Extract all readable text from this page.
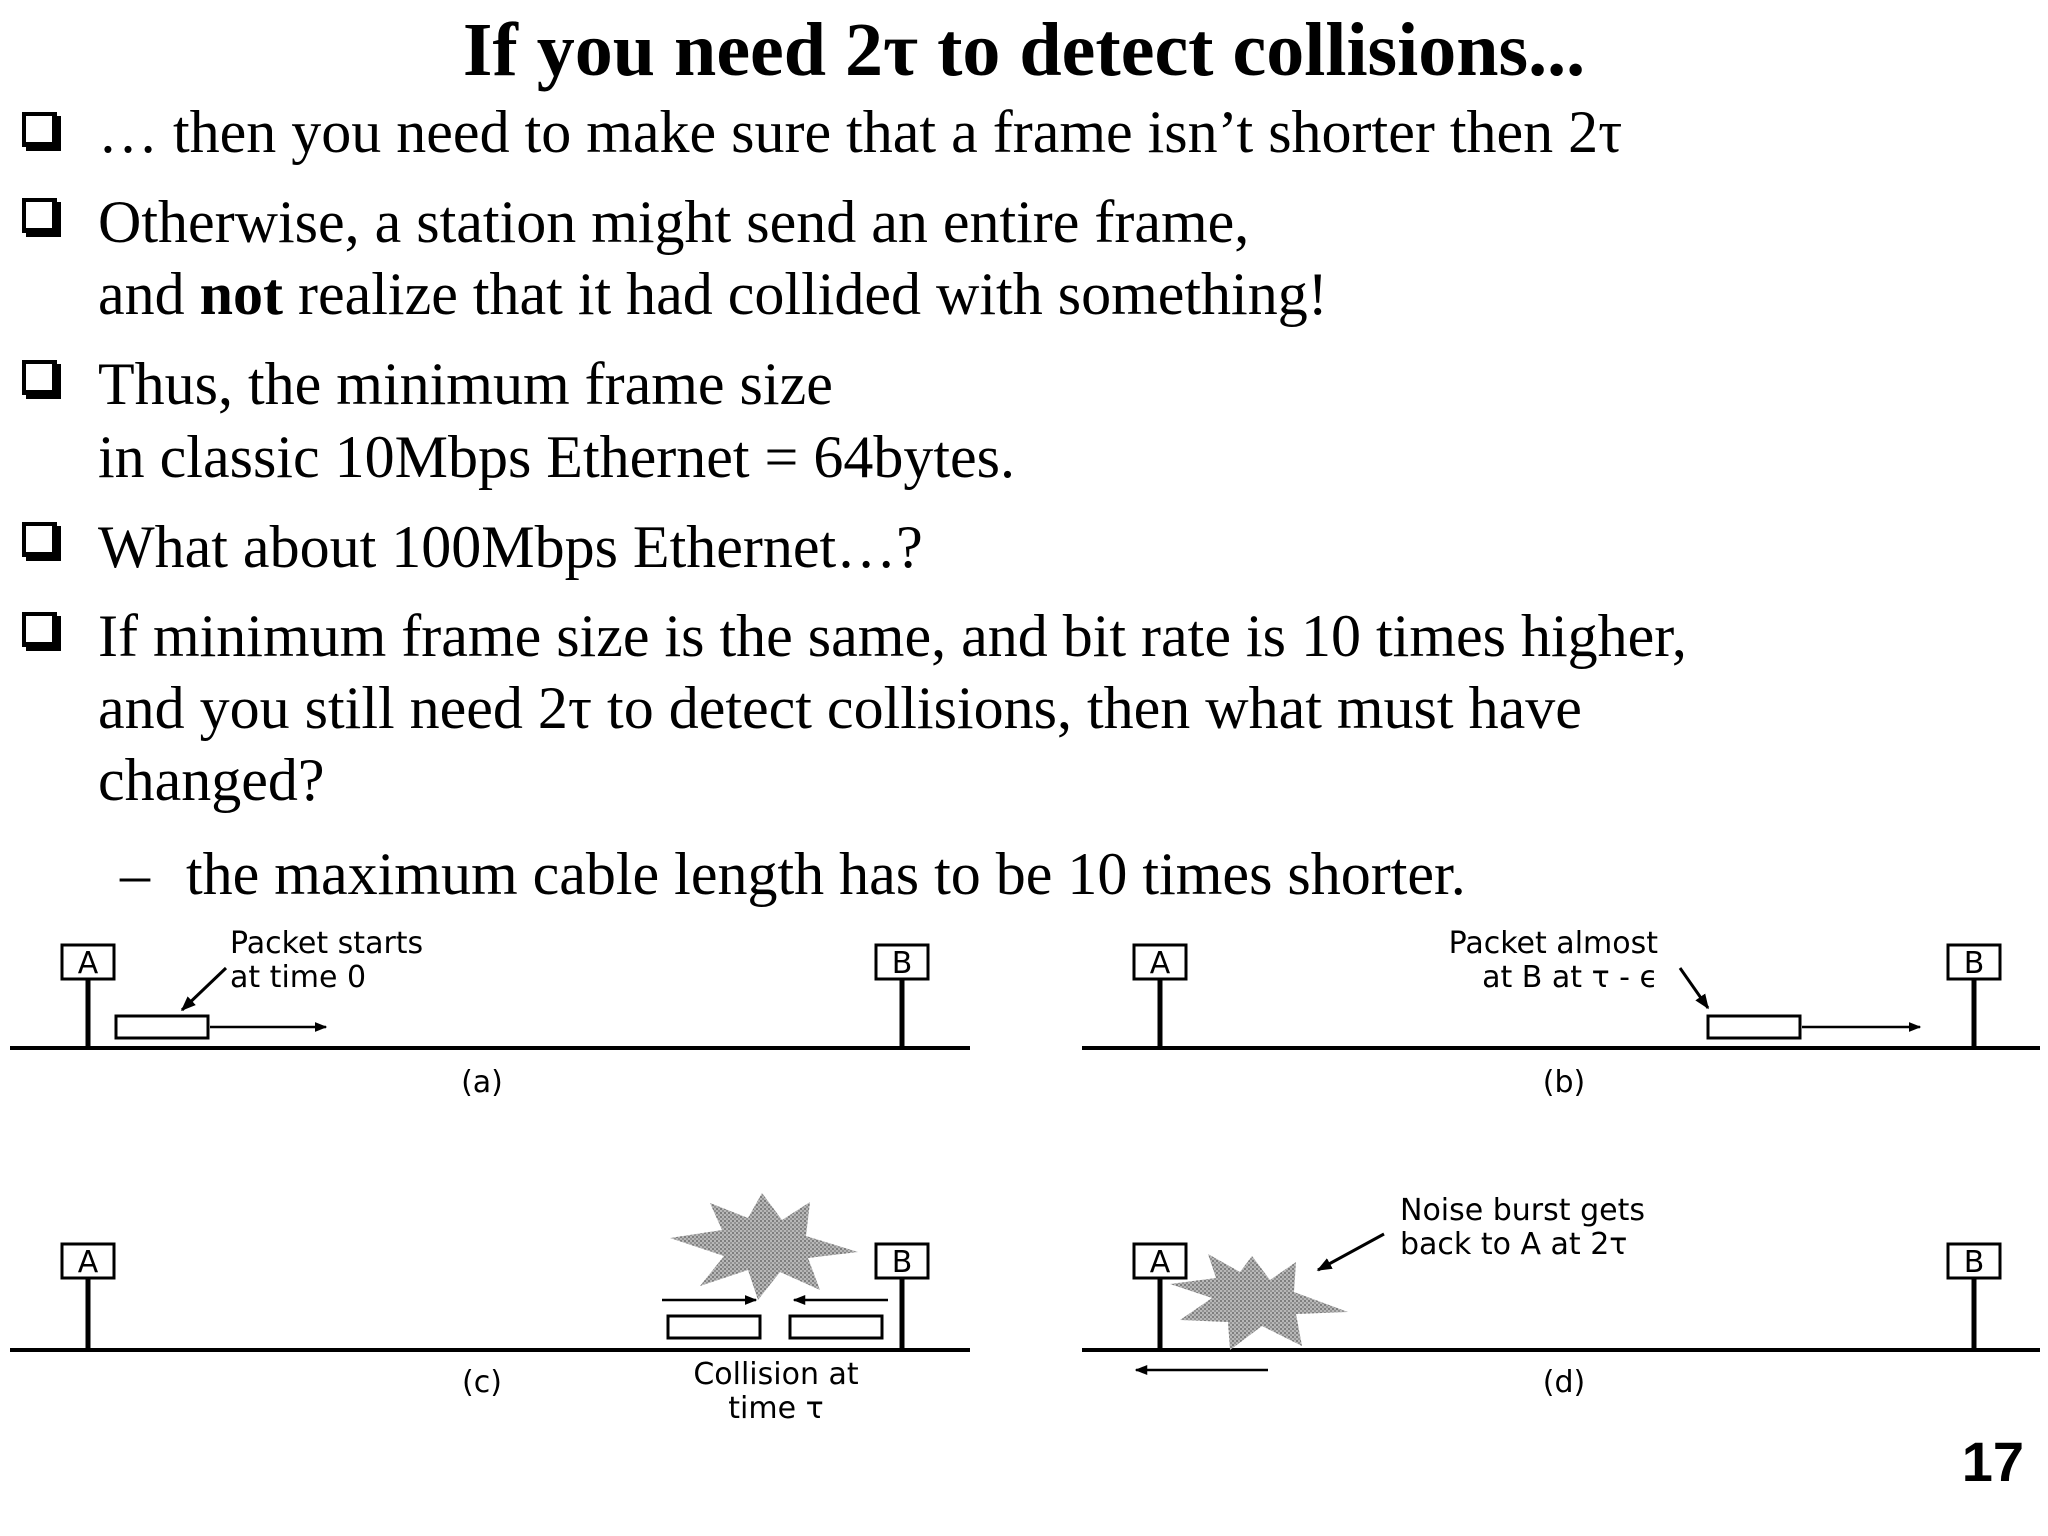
If you need 2τ to detect collisions...
… then you need to make sure that a frame isn’t shorter then 2τ
Otherwise, a station might send an entire frame,
and not realize that it had collided with something!
Thus, the minimum frame size
in classic 10Mbps Ethernet = 64bytes.
What about 100Mbps Ethernet…?
If minimum frame size is the same, and bit rate is 10 times higher,
and you still need 2τ to detect collisions, then what must have
changed?
– the maximum cable length has to be 10 times shorter.
A	B
Packet starts
at time 0
(a)
A	B
Packet almost
at B at τ - ϵ
(b)
A	B
Collision at
time τ
(c)
A	B
Noise burst gets
back to A at 2τ
(d)
17
